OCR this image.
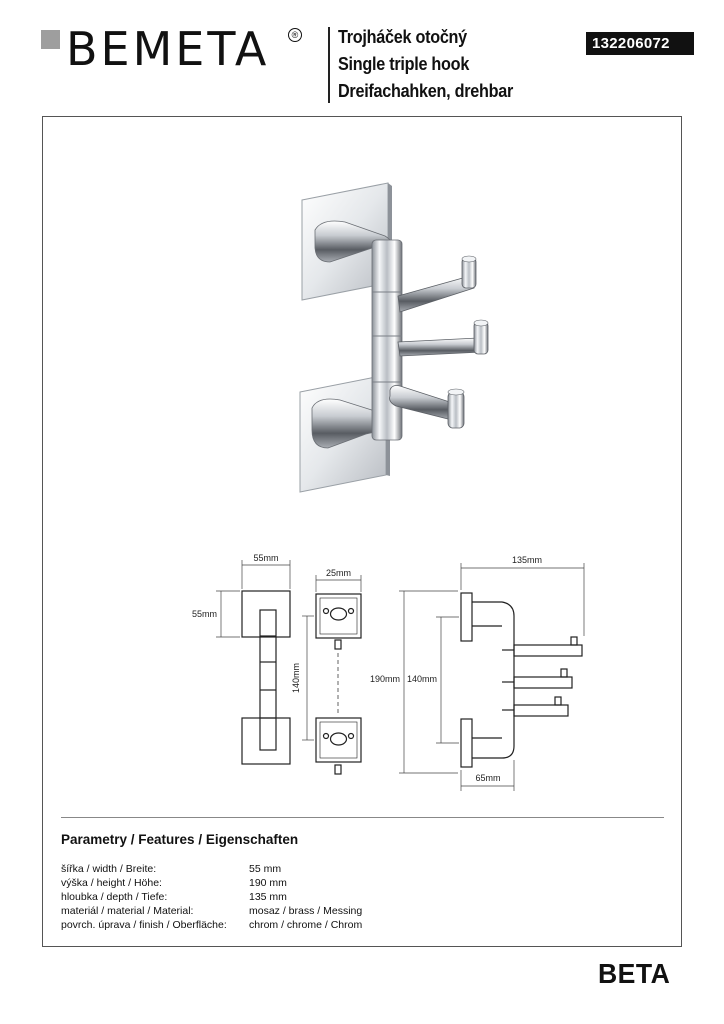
BEMETA	® Trojháček otočný
Single triple hook
Dreifachahken, drehbar
132206072
55mm
55mm
25mm
140mm	190mm 140mm
135mm
65mm
Parametry / Features / Eigenschaften
šířka / width / Breite:	55 mm
výška / height / Höhe:	190 mm
hloubka / depth / Tiefe:	135 mm
materiál / material / Material:	mosaz / brass / Messing
povrch. úprava / finish / Oberfläche:	chrom / chrome / Chrom
BETA
